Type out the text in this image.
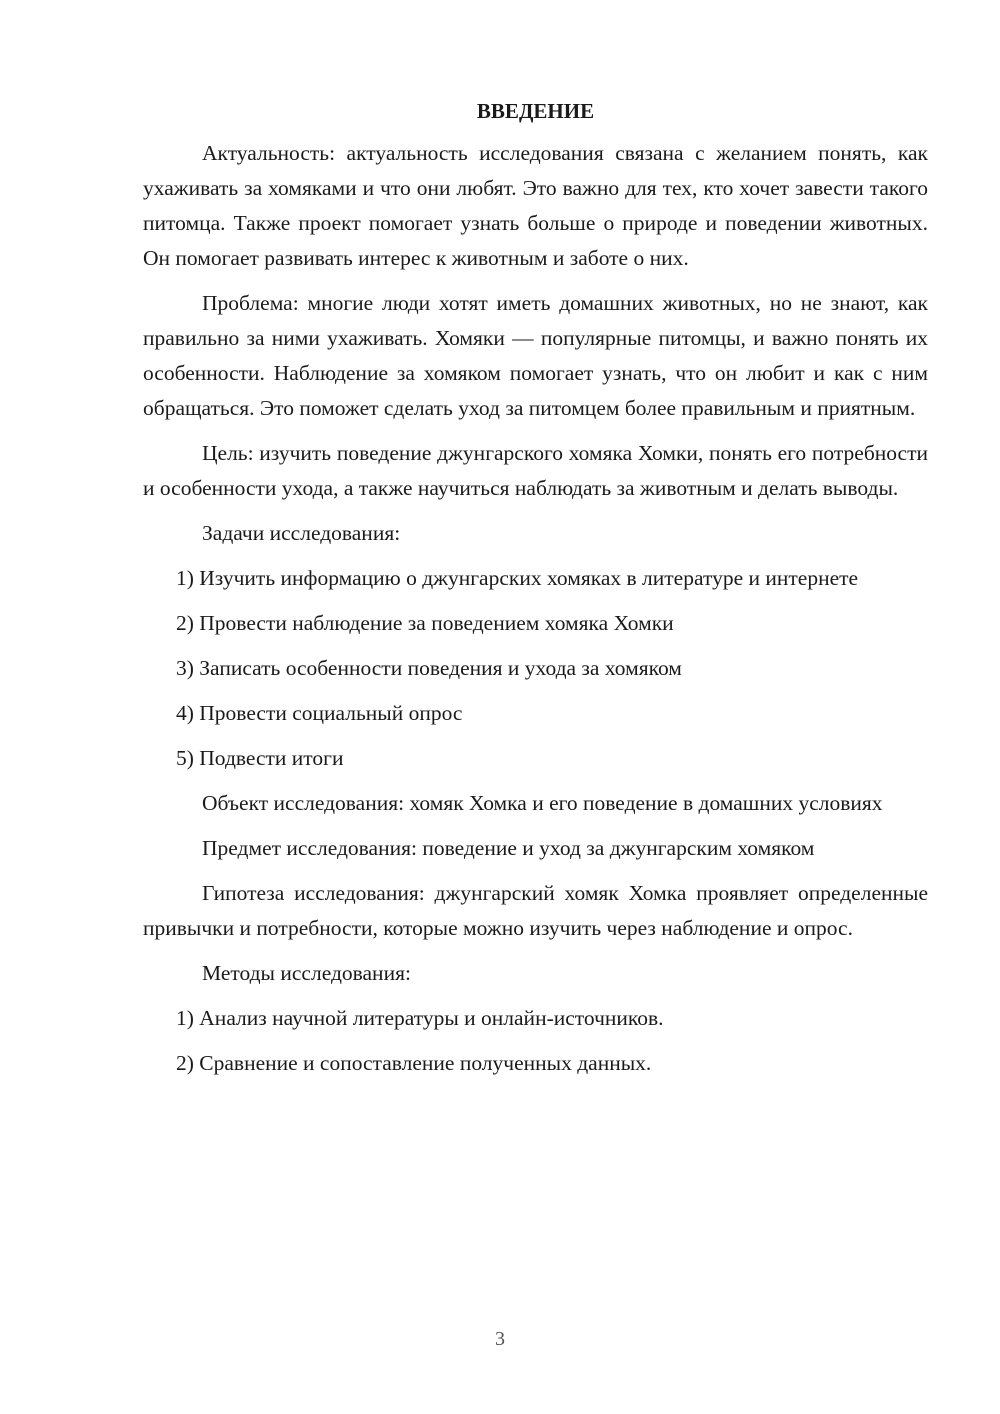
ВВЕДЕНИЕ

Актуальность: актуальность исследования связана с желанием понять, как ухаживать за хомяками и что они любят. Это важно для тех, кто хочет завести такого питомца. Также проект помогает узнать больше о природе и поведении животных. Он помогает развивать интерес к животным и заботе о них.

Проблема: многие люди хотят иметь домашних животных, но не знают, как правильно за ними ухаживать. Хомяки — популярные питомцы, и важно понять их особенности. Наблюдение за хомяком помогает узнать, что он любит и как с ним обращаться. Это поможет сделать уход за питомцем более правильным и приятным.

Цель: изучить поведение джунгарского хомяка Хомки, понять его потребности и особенности ухода, а также научиться наблюдать за животным и делать выводы.

Задачи исследования:

1) Изучить информацию о джунгарских хомяках в литературе и интернете

2) Провести наблюдение за поведением хомяка Хомки

3) Записать особенности поведения и ухода за хомяком

4) Провести социальный опрос

5) Подвести итоги

Объект исследования: хомяк Хомка и его поведение в домашних условиях

Предмет исследования: поведение и уход за джунгарским хомяком

Гипотеза исследования: джунгарский хомяк Хомка проявляет определенные привычки и потребности, которые можно изучить через наблюдение и опрос.

Методы исследования:

1) Анализ научной литературы и онлайн-источников.

2) Сравнение и сопоставление полученных данных.

3
